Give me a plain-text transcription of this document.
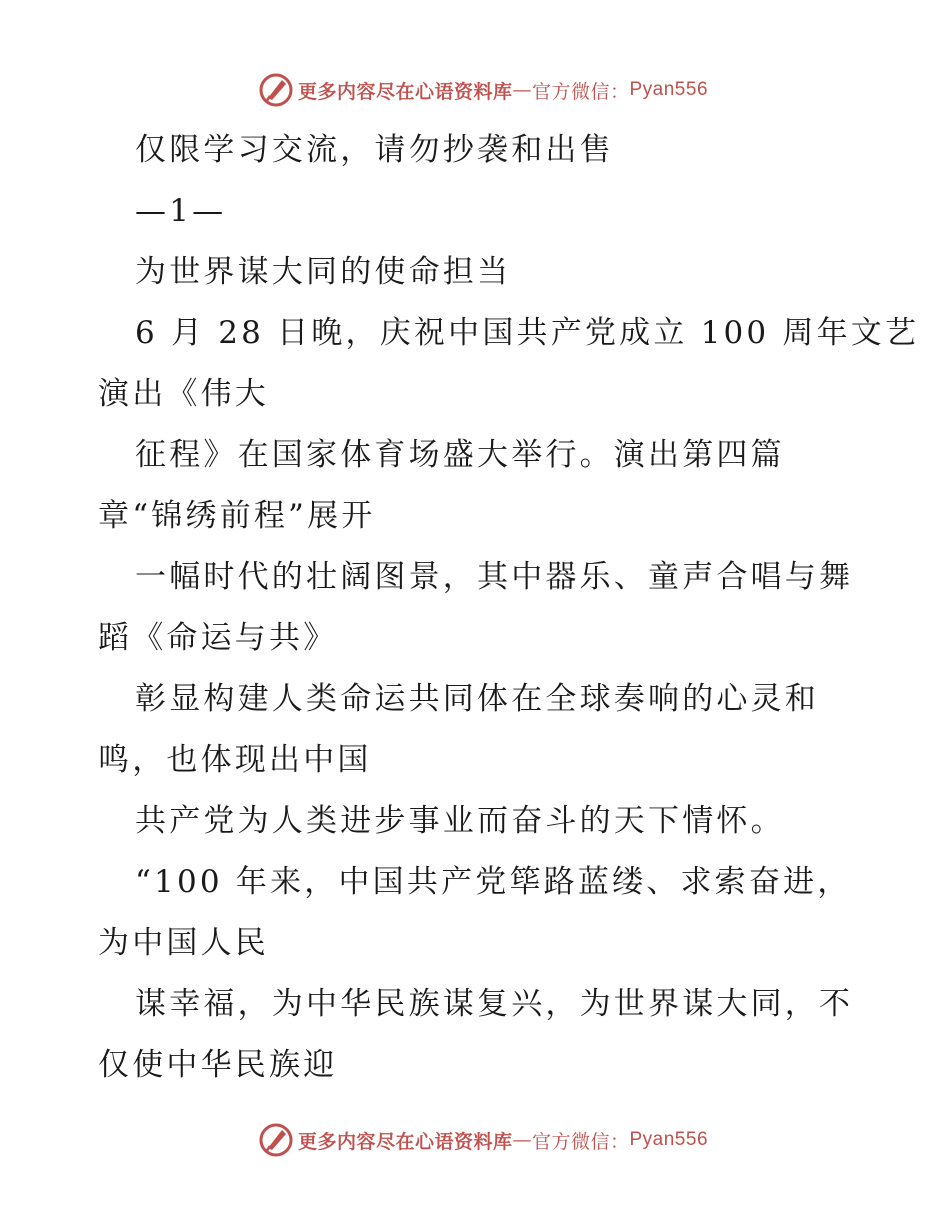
更多内容尽在心语资料库 — 官方微信： Pyan556
仅限学习交流，请勿抄袭和出售
—1—
为世界谋大同的使命担当
6 月 28 日晚，庆祝中国共产党成立 100 周年文艺
演出《伟大
征程》在国家体育场盛大举行。演出第四篇
章“锦绣前程”展开
一幅时代的壮阔图景，其中器乐、童声合唱与舞
蹈《命运与共》
彰显构建人类命运共同体在全球奏响的心灵和
鸣，也体现出中国
共产党为人类进步事业而奋斗的天下情怀。
“100 年来，中国共产党筚路蓝缕、求索奋进，
为中国人民
谋幸福，为中华民族谋复兴，为世界谋大同，不
仅使中华民族迎
更多内容尽在心语资料库 — 官方微信： Pyan556
